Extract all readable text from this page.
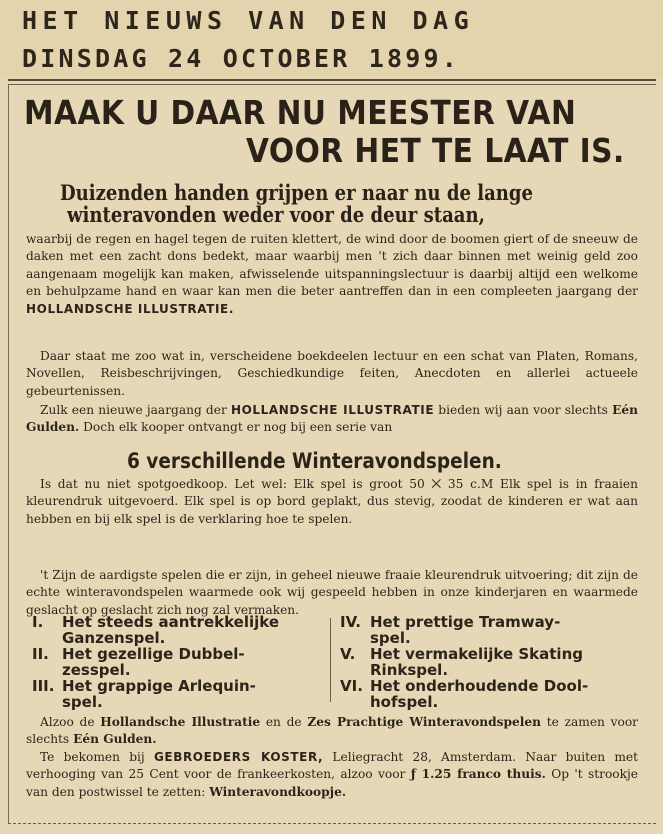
HET NIEUWS VAN DEN DAG
DINSDAG 24 OCTOBER 1899.
MAAK U DAAR NU MEESTER VAN
VOOR HET TE LAAT IS.
Duizenden handen grijpen er naar nu de lange
winteravonden weder voor de deur staan,

waarbij de regen en hagel tegen de ruiten klettert, de wind door de boomen giert of de sneeuw de daken met een zacht dons bedekt, maar waarbij men 't zich daar binnen met weinig geld zoo aangenaam mogelijk kan maken, afwisselende uitspanningslectuur is daarbij altijd een welkome en behulpzame hand en waar kan men die beter aantreffen dan in een compleeten jaargang der HOLLANDSCHE ILLUSTRATIE.

Daar staat me zoo wat in, verscheidene boekdeelen lectuur en een schat van Platen, Romans, Novellen, Reisbeschrijvingen, Geschiedkundige feiten, Anecdoten en allerlei actueele gebeurtenissen.

Zulk een nieuwe jaargang der HOLLANDSCHE ILLUSTRATIE bieden wij aan voor slechts Eén Gulden. Doch elk kooper ontvangt er nog bij een serie van

6 verschillende Winteravondspelen.

Is dat nu niet spotgoedkoop. Let wel: Elk spel is groot 50 ⨉ 35 c.M Elk spel is in fraaien kleurendruk uitgevoerd. Elk spel is op bord geplakt, dus stevig, zoodat de kinderen er wat aan hebben en bij elk spel is de verklaring hoe te spelen.

't Zijn de aardigste spelen die er zijn, in geheel nieuwe fraaie kleurendruk uitvoering; dit zijn de echte winteravondspelen waarmede ook wij gespeeld hebben in onze kinderjaren en waarmede geslacht op geslacht zich nog zal vermaken.

I. Het steeds aantrekkelijke
Ganzenspel.
II. Het gezellige Dubbel-
zesspel.
III. Het grappige Arlequin-
spel.
IV. Het prettige Tramway-
spel.
V. Het vermakelijke Skating
Rinkspel.
VI. Het onderhoudende Dool-
hofspel.

Alzoo de Hollandsche Illustratie en de Zes Prachtige Winteravondspelen te zamen voor slechts Eén Gulden.

Te bekomen bij GEBROEDERS KOSTER, Leliegracht 28, Amsterdam. Naar buiten met verhooging van 25 Cent voor de frankeerkosten, alzoo voor ƒ 1.25 franco thuis. Op 't strookje van den postwissel te zetten: Winteravondkoopje.
